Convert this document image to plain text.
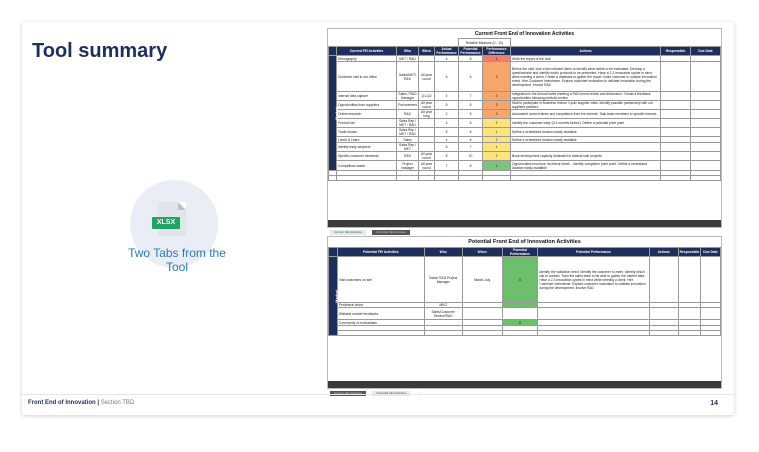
Tool summary
XLSX
Two Tabs from the Tool
Current Front End of Innovation Activities
					Relative Measure (0 - 10)				
	Current FEI Activities	Who	When	Actual Performance	Potential Performance	Performance Difference	Actions	Responsible	Due Date
Market	Ethnography	MKT / R&D		4	8	4	Write the report of the visit		
	Customer visit in our office	Sales/MKT/ R&D	All year round	6	6	3	Before the visit, look a few relevant items to identify what needs to be evaluated. Develop a questionnaire and identify which products to be presented. Have a 2-3 innovation cycles in mind while meeting a client. Create a database to gather the report. Invite customer to outside innovation event. Hire Customer Interviewer. Explore customer motivation to validate innovation during the development. Involve R&D		
	Internal idea capture	Sales / R&D Manager	Q1-Q2	4	7	3	Integration in the Annual sales meeting a R&D forms review and discussion. Create a feedback opportunities following portfolio review		
	Opportunities from suppliers	Procurement	All year round	5	8	3	Wait to participate in Business review. Cyclic supplier visits. Identify possible partnership with our suppliers partners		
	Online research	R&D	All year long	2	5	3	Automated content alerts and compilation from the internet. Task team members to specific themes		
	Product fair	Sales Rep / MKT / R&D		4	6	2	Identify the customer early (3-4 months before). Define a potential price point		
	Trade shows	Sales Rep / MKT / R&D		5	6	1	Define a centralized location easily available		
	Lunch & Learn	Sales		4	6	2	Define a centralized location easily available		
	Identify early adopters	Sales Rep / MKT		6	7	1			
	Specific customer demands	R&D	All year round	8	10	2	Book development capacity dedicated to tactical sale projects		
	Competitors watch	Project manager	All year round	7	8	1	Opportunities brochure, technical sheet... Identify competitor price point. Define a centralized location easily available		

Current FEI Activities	Potential FEI Activities
Potential Front End of Innovation Activities
	Potential FEI Activities	Who	When	Potential Performance	Potential Performance	Actions	Responsible	Due Date
Market	Visit customers on site	Sales/ R&D Project Manager	March-July	8	Identify the validation need. Identify the customer to meet. Identify which clip to contact. Train the sales team to be able to gather the market data. Have a 2-3 innovation cycles in mind while meeting a client. Hire Customer Interviewer. Explore customer motivation to validate innovation during the development. Involve R&D			
	Peripheral vision	MKG						
	Wikiable market feedbacks	Sales/Customer Service/R&D						
	Community of enthusiasts			8				

Current FEI Activities	Potential FEI Activities	+
Front End of Innovation | Section TBD	14
